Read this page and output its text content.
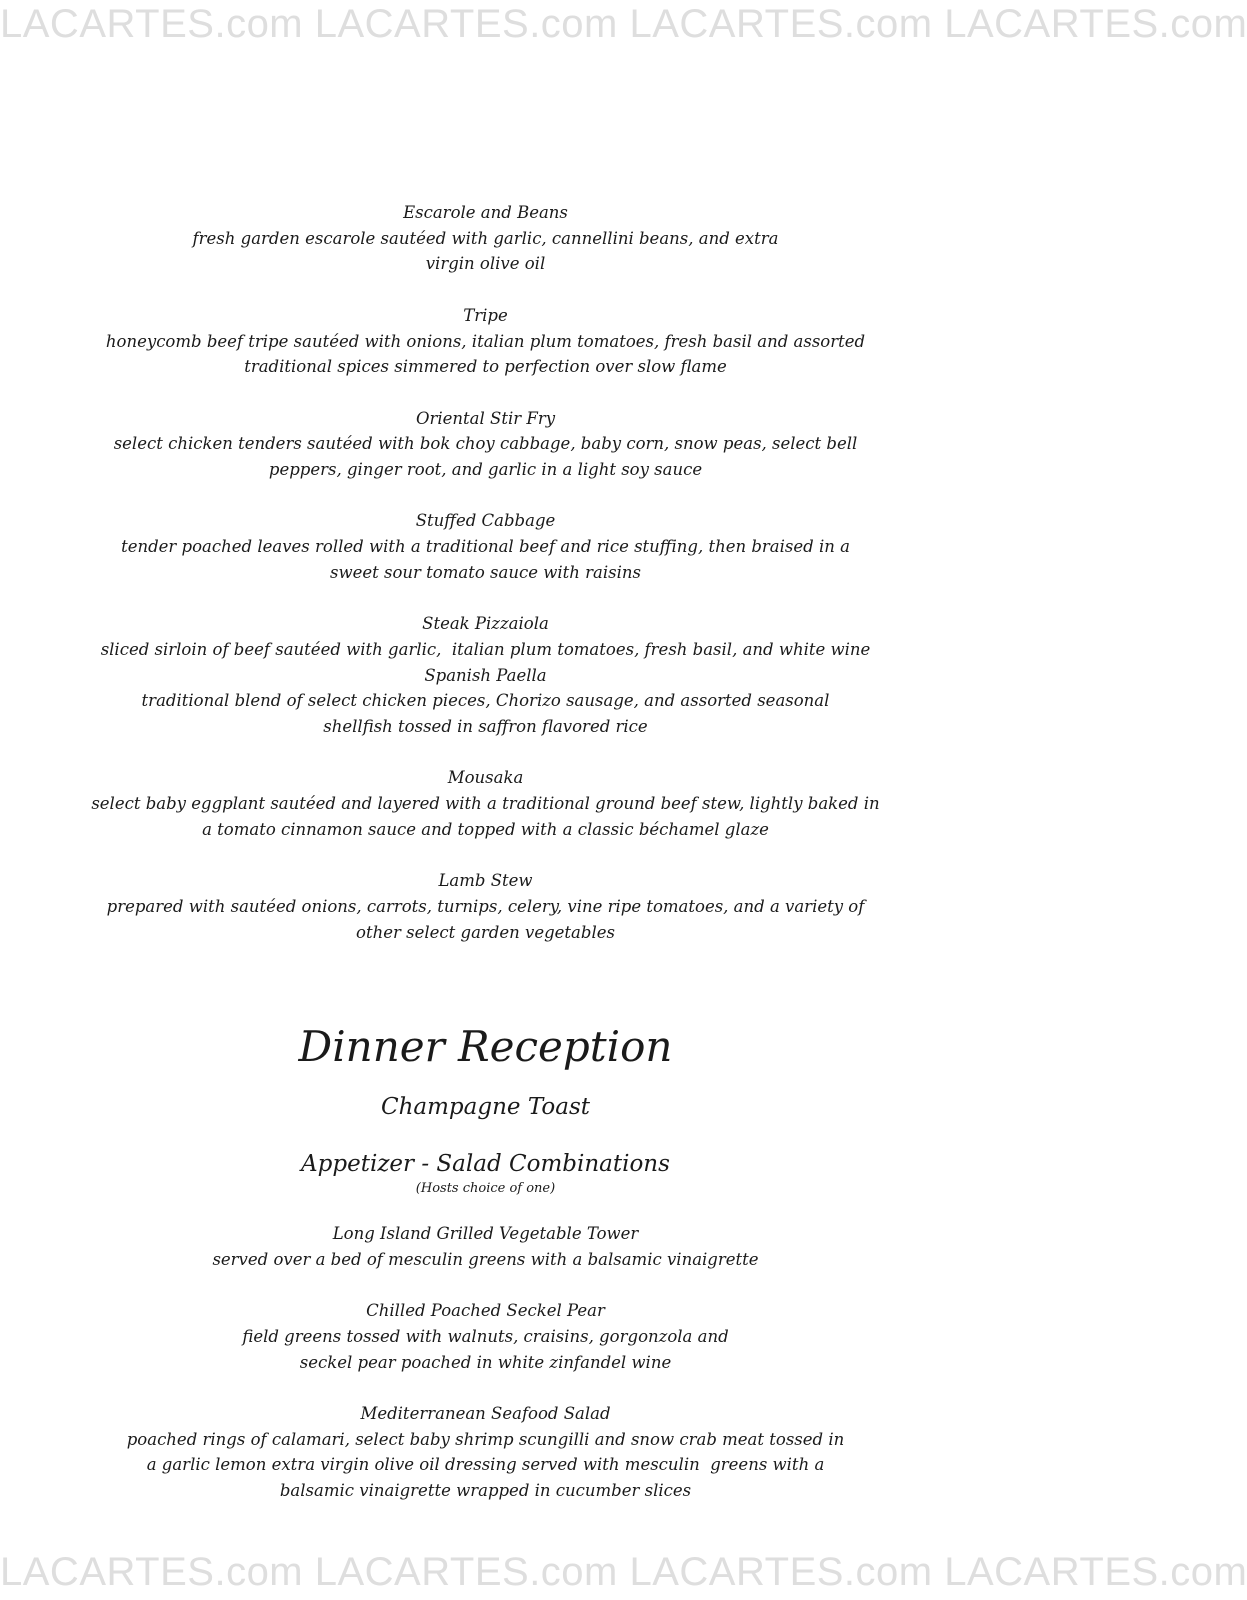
LACARTES.com LACARTES.com LACARTES.com LACARTES.com
Escarole and Beans
fresh garden escarole sautéed with garlic, cannellini beans, and extra virgin olive oil
Tripe
honeycomb beef tripe sautéed with onions, italian plum tomatoes, fresh basil and assorted traditional spices simmered to perfection over slow flame
Oriental Stir Fry
select chicken tenders sautéed with bok choy cabbage, baby corn, snow peas, select bell peppers, ginger root, and garlic in a light soy sauce
Stuffed Cabbage
tender poached leaves rolled with a traditional beef and rice stuffing, then braised in a sweet sour tomato sauce with raisins
Steak Pizzaiola
sliced sirloin of beef sautéed with garlic,  italian plum tomatoes, fresh basil, and white wine
Spanish Paella
traditional blend of select chicken pieces, Chorizo sausage, and assorted seasonal shellfish tossed in saffron flavored rice
Mousaka
select baby eggplant sautéed and layered with a traditional ground beef stew, lightly baked in a tomato cinnamon sauce and topped with a classic béchamel glaze
Lamb Stew
prepared with sautéed onions, carrots, turnips, celery, vine ripe tomatoes, and a variety of other select garden vegetables
Dinner Reception
Champagne Toast
Appetizer - Salad Combinations
(Hosts choice of one)
Long Island Grilled Vegetable Tower
served over a bed of mesculin greens with a balsamic vinaigrette
Chilled Poached Seckel Pear
field greens tossed with walnuts, craisins, gorgonzola and
seckel pear poached in white zinfandel wine
Mediterranean Seafood Salad
poached rings of calamari, select baby shrimp scungilli and snow crab meat tossed in
a garlic lemon extra virgin olive oil dressing served with mesculin  greens with a
balsamic vinaigrette wrapped in cucumber slices
LACARTES.com LACARTES.com LACARTES.com LACARTES.com
